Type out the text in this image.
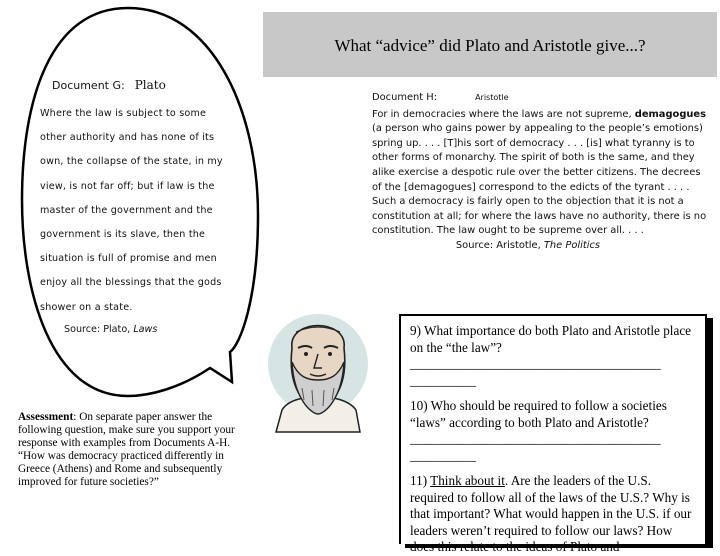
What “advice” did Plato and Aristotle give...?
Document G: Plato
Where the law is subject to some other authority and has none of its own, the collapse of the state, in my view, is not far off; but if law is the master of the government and the government is its slave, then the situation is full of promise and men enjoy all the blessings that the gods shower on a state.
Source: Plato, Laws
Assessment: On separate paper answer the following question, make sure you support your response with examples from Documents A-H. “How was democracy practiced differently in Greece (Athens) and Rome and subsequently improved for future societies?”
Document H:	Aristotle
For in democracies where the laws are not supreme, demagogues (a person who gains power by appealing to the people’s emotions) spring up. . . . [T]his sort of democracy . . . [is] what tyranny is to other forms of monarchy. The spirit of both is the same, and they alike exercise a despotic rule over the better citizens. The decrees of the [demagogues] correspond to the edicts of the tyrant . . . . Such a democracy is fairly open to the objection that it is not a constitution at all; for where the laws have no authority, there is no constitution. The law ought to be supreme over all. . . .
Source: Aristotle, The Politics

9) What importance do both Plato and Aristotle place on the “the law”?
______________________________________
__________

10) Who should be required to follow a societies “laws” according to both Plato and Aristotle?
______________________________________
__________

11) Think about it. Are the leaders of the U.S. required to follow all of the laws of the U.S.? Why is that important? What would happen in the U.S. if our leaders weren’t required to follow our laws? How does this relate to the ideas of Plato and
